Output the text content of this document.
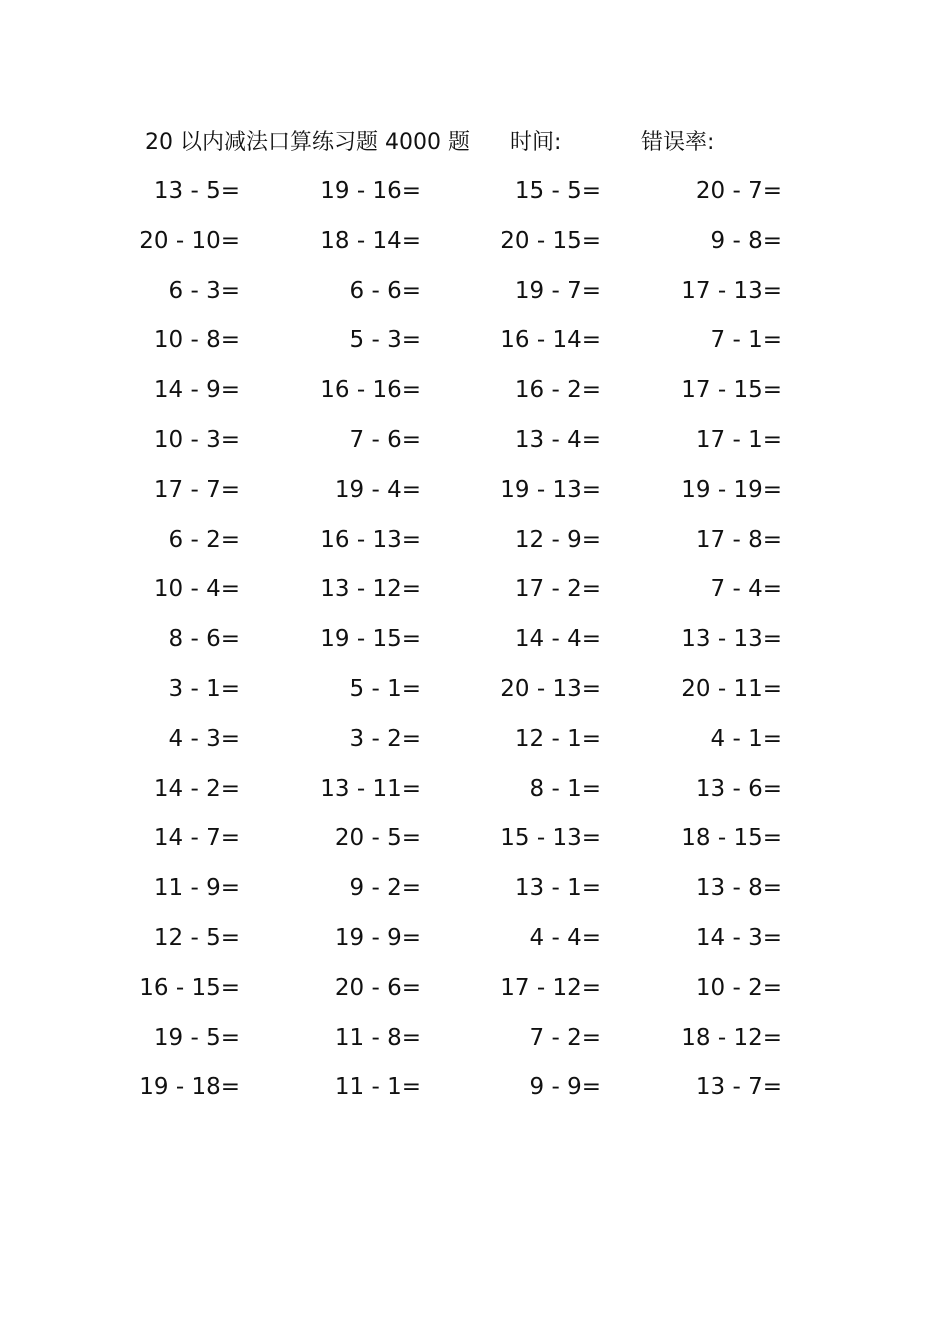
20 以内减法口算练习题 4000 题 时间:	错误率:
13 - 5=	19 - 16=	15 - 5=	20 - 7=
20 - 10=	18 - 14=	20 - 15=	9 - 8=
6 - 3=	6 - 6=	19 - 7=	17 - 13=
10 - 8=	5 - 3=	16 - 14=	7 - 1=
14 - 9=	16 - 16=	16 - 2=	17 - 15=
10 - 3=	7 - 6=	13 - 4=	17 - 1=
17 - 7=	19 - 4=	19 - 13=	19 - 19=
6 - 2=	16 - 13=	12 - 9=	17 - 8=
10 - 4=	13 - 12=	17 - 2=	7 - 4=
8 - 6=	19 - 15=	14 - 4=	13 - 13=
3 - 1=	5 - 1=	20 - 13=	20 - 11=
4 - 3=	3 - 2=	12 - 1=	4 - 1=
14 - 2=	13 - 11=	8 - 1=	13 - 6=
14 - 7=	20 - 5=	15 - 13=	18 - 15=
11 - 9=	9 - 2=	13 - 1=	13 - 8=
12 - 5=	19 - 9=	4 - 4=	14 - 3=
16 - 15=	20 - 6=	17 - 12=	10 - 2=
19 - 5=	11 - 8=	7 - 2=	18 - 12=
19 - 18=	11 - 1=	9 - 9=	13 - 7=
